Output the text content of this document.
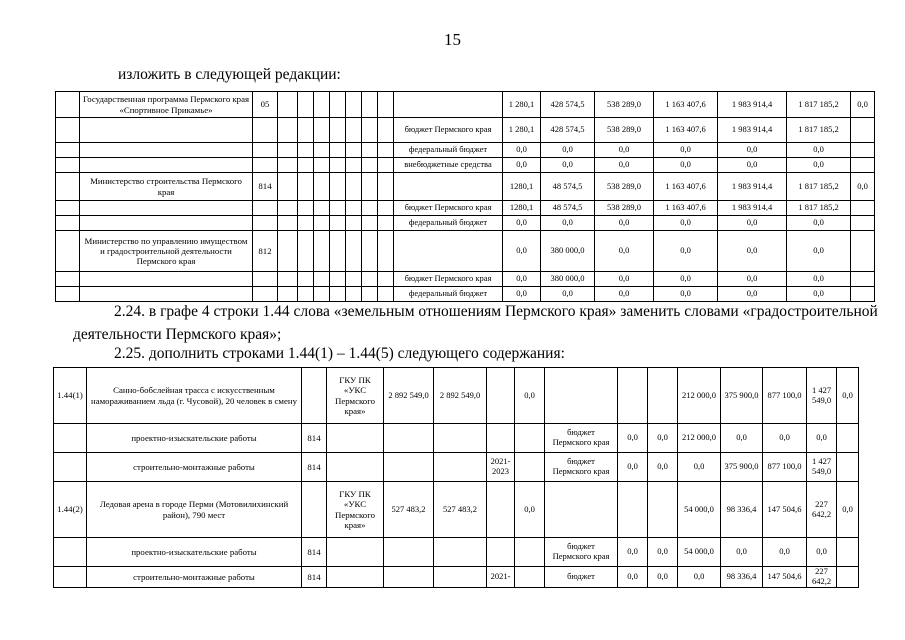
15
изложить в следующей редакции:
	Государственная программа Пермского края «Спортивное Прикамье»	05									1 280,1	428 574,5	538 289,0	1 163 407,6	1 983 914,4	1 817 185,2	0,0
										бюджет Пермского края	1 280,1	428 574,5	538 289,0	1 163 407,6	1 983 914,4	1 817 185,2	
										федеральный бюджет	0,0	0,0	0,0	0,0	0,0	0,0	
										внебюджетные средства	0,0	0,0	0,0	0,0	0,0	0,0	
	Министерство строительства Пермского края	814									1280,1	48 574,5	538 289,0	1 163 407,6	1 983 914,4	1 817 185,2	0,0
										бюджет Пермского края	1280,1	48 574,5	538 289,0	1 163 407,6	1 983 914,4	1 817 185,2	
										федеральный бюджет	0,0	0,0	0,0	0,0	0,0	0,0	
	Министерство по управлению имуществом и градостроительной деятельности Пермского края	812									0,0	380 000,0	0,0	0,0	0,0	0,0	
										бюджет Пермского края	0,0	380 000,0	0,0	0,0	0,0	0,0	
										федеральный бюджет	0,0	0,0	0,0	0,0	0,0	0,0	
2.24. в графе 4 строки 1.44 слова «земельным отношениям Пермского края» заменить словами «градостроительной
деятельности Пермского края»;
2.25. дополнить строками 1.44(1) – 1.44(5) следующего содержания:
1.44(1)	Санно-бобслейная трасса с искусственным намораживанием льда (г. Чусовой), 20 человек в смену		ГКУ ПК «УКС Пермского края»	2 892 549,0	2 892 549,0		0,0				212 000,0	375 900,0	877 100,0	1 427 549,0	0,0
	проектно-изыскательские работы	814						бюджет Пермского края	0,0	0,0	212 000,0	0,0	0,0	0,0	
	строительно-монтажные работы	814				2021-2023		бюджет Пермского края	0,0	0,0	0,0	375 900,0	877 100,0	1 427 549,0	
1.44(2)	Ледовая арена в городе Перми (Мотовилихинский район), 790 мест		ГКУ ПК «УКС Пермского края»	527 483,2	527 483,2		0,0				54 000,0	98 336,4	147 504,6	227 642,2	0,0
	проектно-изыскательские работы	814						бюджет Пермского края	0,0	0,0	54 000,0	0,0	0,0	0,0	
	строительно-монтажные работы	814				2021-		бюджет	0,0	0,0	0,0	98 336,4	147 504,6	227 642,2	
